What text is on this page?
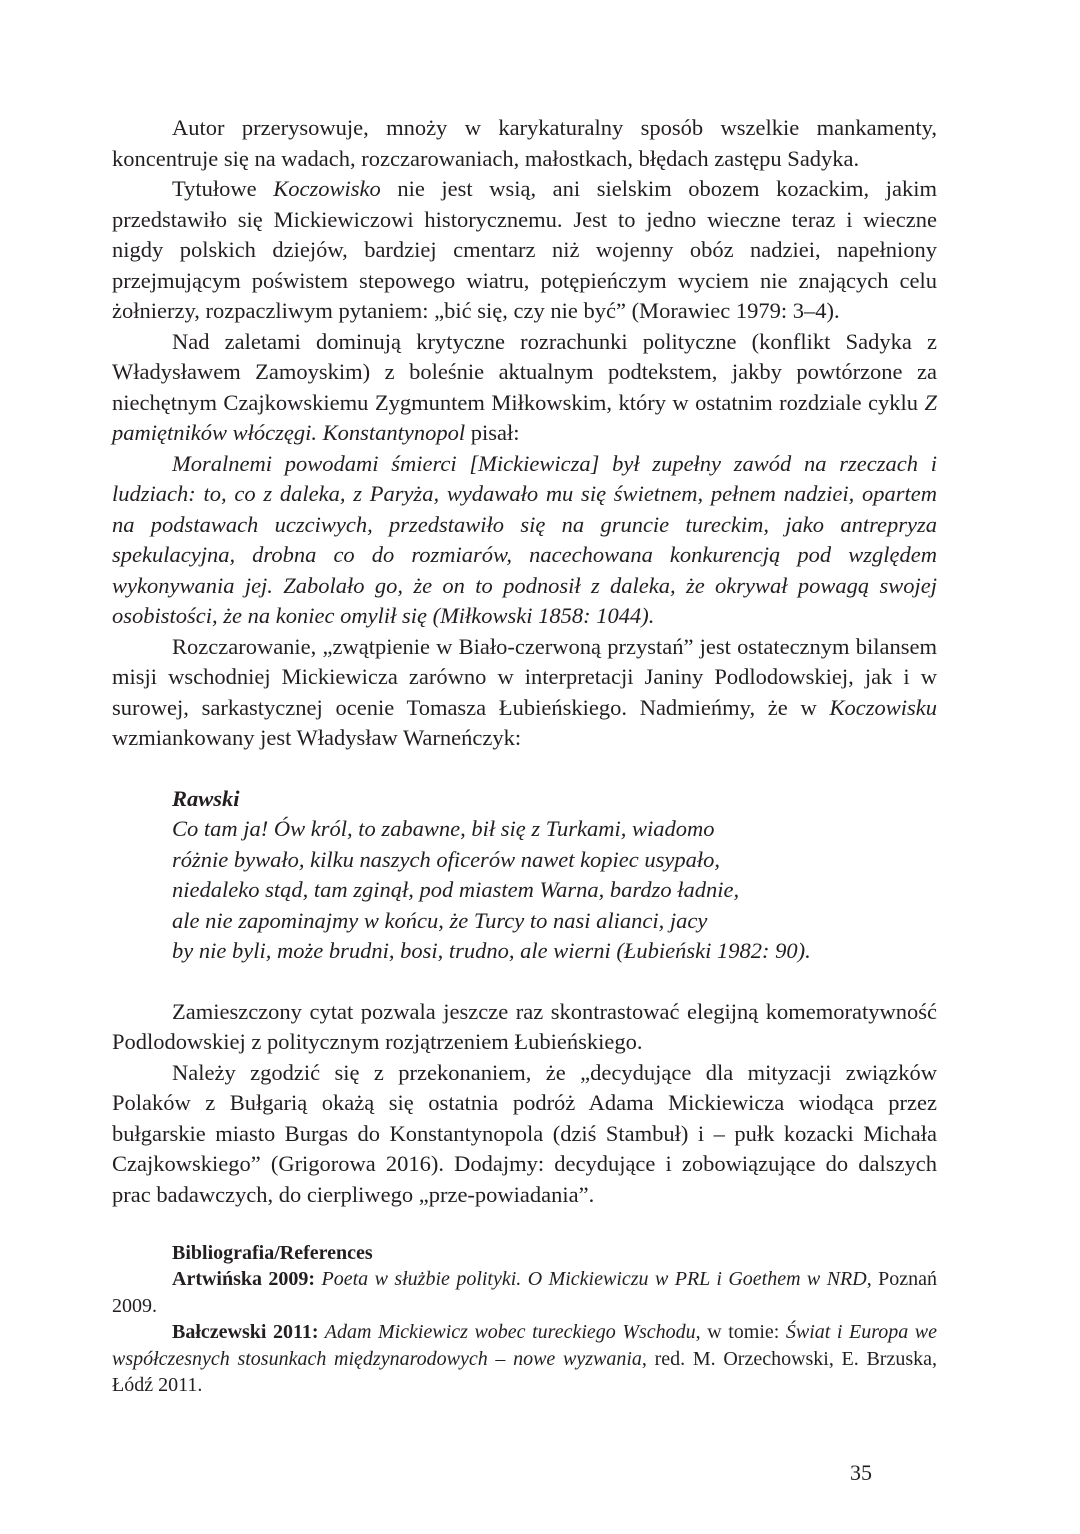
Autor przerysowuje, mnoży w karykaturalny sposób wszelkie mankamenty, koncentruje się na wadach, rozczarowaniach, małostkach, błędach zastępu Sadyka.

Tytułowe Koczowisko nie jest wsią, ani sielskim obozem kozackim, jakim przedstawiło się Mickiewiczowi historycznemu. Jest to jedno wieczne teraz i wieczne nigdy polskich dziejów, bardziej cmentarz niż wojenny obóz nadziei, napełniony przejmującym poświstem stepowego wiatru, potępieńczym wyciem nie znających celu żołnierzy, rozpaczliwym pytaniem: „bić się, czy nie być” (Morawiec 1979: 3–4).

Nad zaletami dominują krytyczne rozrachunki polityczne (konflikt Sadyka z Władysławem Zamoyskim) z boleśnie aktualnym podtekstem, jakby powtórzone za niechętnym Czajkowskiemu Zygmuntem Miłkowskim, który w ostatnim rozdziale cyklu Z pamiętników włóczęgi. Konstantynopol pisał:

Moralnemi powodami śmierci [Mickiewicza] był zupełny zawód na rzeczach i ludziach: to, co z daleka, z Paryża, wydawało mu się świetnem, pełnem nadziei, opartem na podstawach uczciwych, przedstawiło się na gruncie tureckim, jako antrepryza spekulacyjna, drobna co do rozmiarów, nacechowana konkurencją pod względem wykonywania jej. Zabolało go, że on to podnosił z daleka, że okrywał powagą swojej osobistości, że na koniec omylił się (Miłkowski 1858: 1044).

Rozczarowanie, „zwątpienie w Biało-czerwoną przystań” jest ostatecznym bilansem misji wschodniej Mickiewicza zarówno w interpretacji Janiny Podlodowskiej, jak i w surowej, sarkastycznej ocenie Tomasza Łubieńskiego. Nadmieńmy, że w Koczowisku wzmiankowany jest Władysław Warneńczyk:

Rawski
Co tam ja! Ów król, to zabawne, bił się z Turkami, wiadomo
różnie bywało, kilku naszych oficerów nawet kopiec usypało,
niedaleko stąd, tam zginął, pod miastem Warna, bardzo ładnie,
ale nie zapominajmy w końcu, że Turcy to nasi alianci, jacy
by nie byli, może brudni, bosi, trudno, ale wierni (Łubieński 1982: 90).

Zamieszczony cytat pozwala jeszcze raz skontrastować elegijną komemoratywność Podlodowskiej z politycznym rozjątrzeniem Łubieńskiego.

Należy zgodzić się z przekonaniem, że „decydujące dla mityzacji związków Polaków z Bułgarią okażą się ostatnia podróż Adama Mickiewicza wiodąca przez bułgarskie miasto Burgas do Konstantynopola (dziś Stambuł) i – pułk kozacki Michała Czajkowskiego” (Grigorowa 2016). Dodajmy: decydujące i zobowiązujące do dalszych prac badawczych, do cierpliwego „prze-powiadania”.

Bibliografia/References

Artwińska 2009: Poeta w służbie polityki. O Mickiewiczu w PRL i Goethem w NRD, Poznań 2009.

Bałczewski 2011: Adam Mickiewicz wobec tureckiego Wschodu, w tomie: Świat i Europa we współczesnych stosunkach międzynarodowych – nowe wyzwania, red. M. Orzechowski, E. Brzuska, Łódź 2011.

35
